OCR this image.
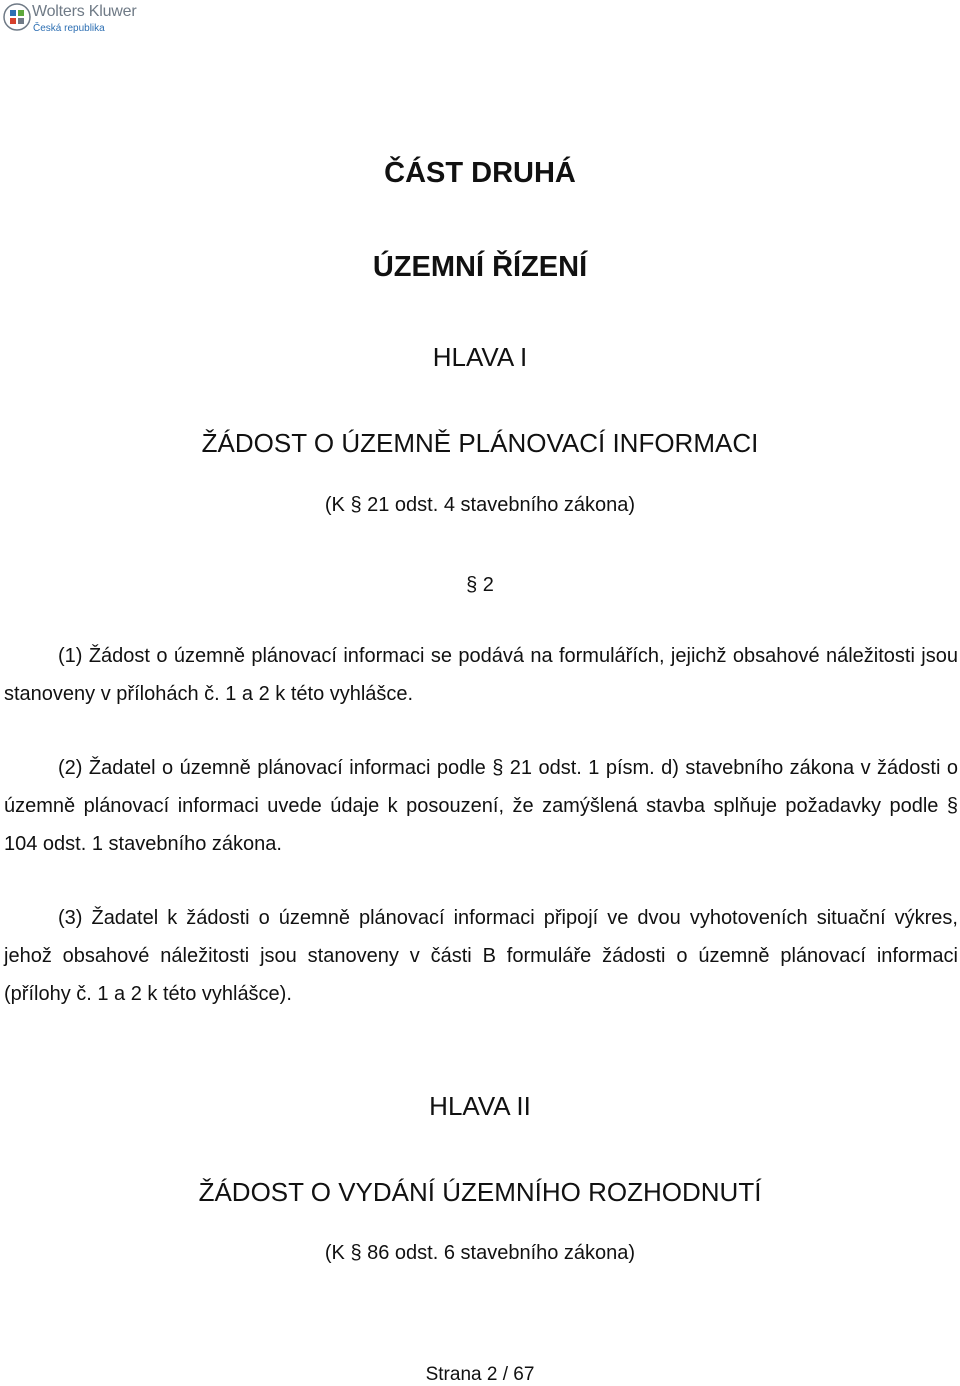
Wolters Kluwer
Česká republika
ČÁST DRUHÁ
ÚZEMNÍ ŘÍZENÍ
HLAVA I
ŽÁDOST O ÚZEMNĚ PLÁNOVACÍ INFORMACI
(K § 21 odst. 4 stavebního zákona)
§ 2

(1) Žádost o územně plánovací informaci se podává na formulářích, jejichž obsahové náležitosti jsou stanoveny v přílohách č. 1 a 2 k této vyhlášce.

(2) Žadatel o územně plánovací informaci podle § 21 odst. 1 písm. d) stavebního zákona v žádosti o územně plánovací informaci uvede údaje k posouzení, že zamýšlená stavba splňuje požadavky podle § 104 odst. 1 stavebního zákona.

(3) Žadatel k žádosti o územně plánovací informaci připojí ve dvou vyhotoveních situační výkres, jehož obsahové náležitosti jsou stanoveny v části B formuláře žádosti o územně plánovací informaci (přílohy č. 1 a 2 k této vyhlášce).

HLAVA II
ŽÁDOST O VYDÁNÍ ÚZEMNÍHO ROZHODNUTÍ
(K § 86 odst. 6 stavebního zákona)
Strana 2 / 67
